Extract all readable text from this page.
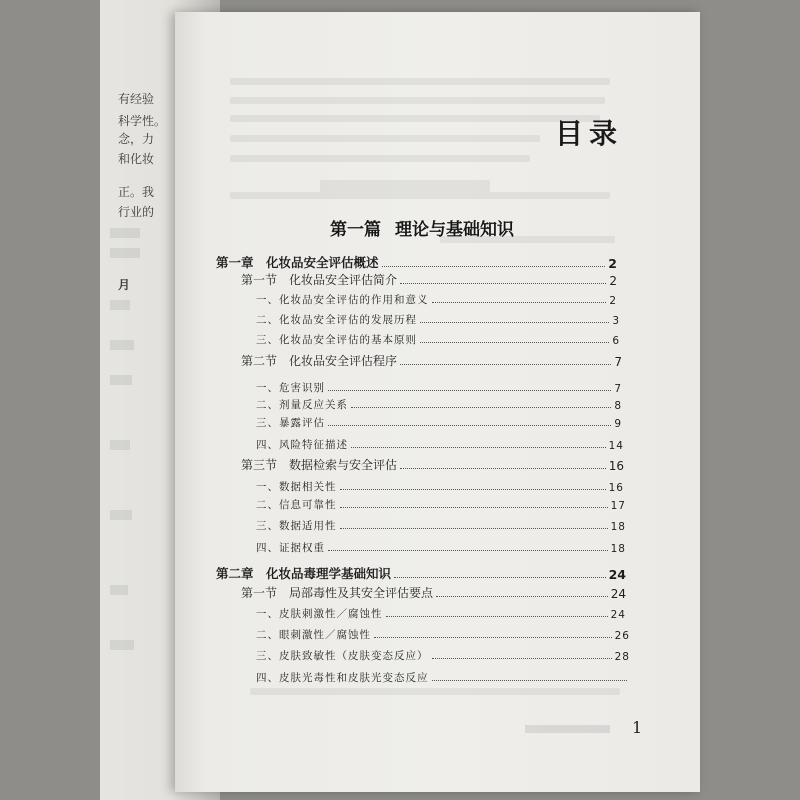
有经验
科学性。
念，力
和化妆
正。我
行业的
月
目录
第一篇 理论与基础知识
第一章　化妆品安全评估概述	2
第一节　化妆品安全评估简介	2
一、化妆品安全评估的作用和意义	2
二、化妆品安全评估的发展历程	3
三、化妆品安全评估的基本原则	6
第二节　化妆品安全评估程序	7
一、危害识别	7
二、剂量反应关系	8
三、暴露评估	9
四、风险特征描述	14
第三节　数据检索与安全评估	16
一、数据相关性	16
二、信息可靠性	17
三、数据适用性	18
四、证据权重	18
第二章　化妆品毒理学基础知识	24
第一节　局部毒性及其安全评估要点	24
一、皮肤刺激性／腐蚀性	24
二、眼刺激性／腐蚀性	26
三、皮肤致敏性（皮肤变态反应）	28
四、皮肤光毒性和皮肤光变态反应
1
